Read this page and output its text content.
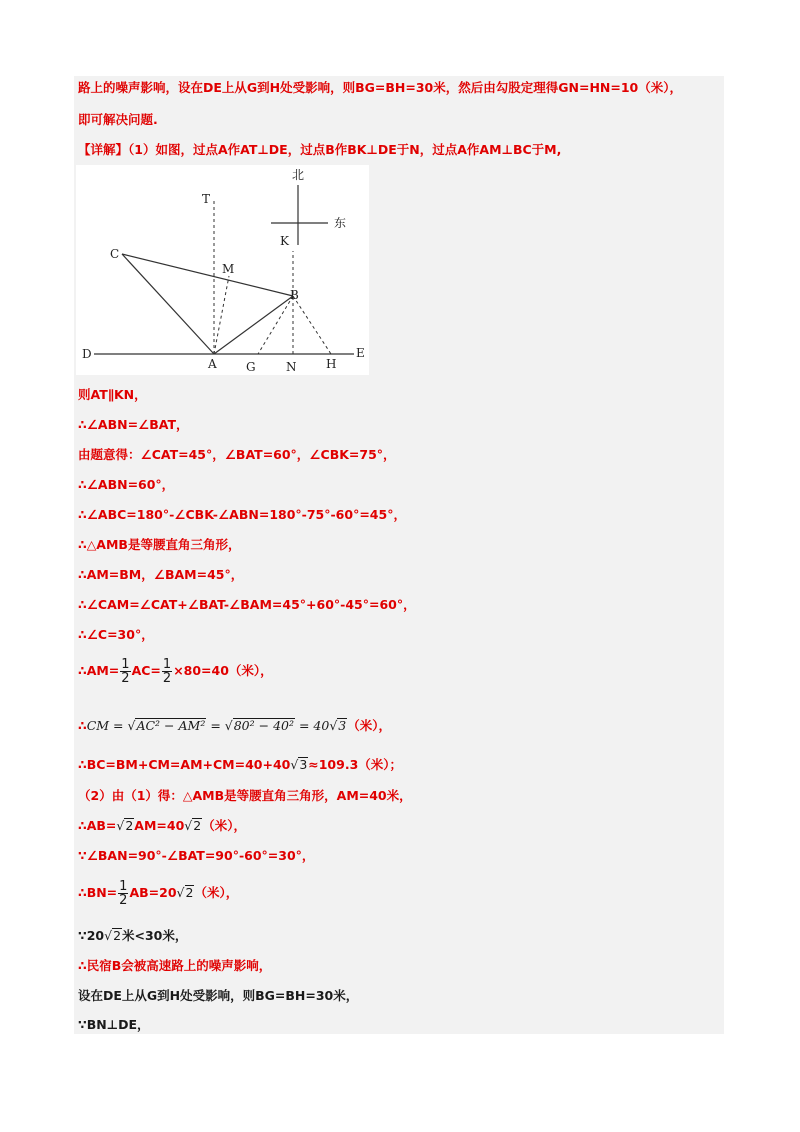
路上的噪声影响，设在DE上从G到H处受影响，则BG=BH=30米，然后由勾股定理得GN=HN=10（米），
即可解决问题.
【详解】（1）如图，过点A作AT⊥DE，过点B作BK⊥DE于N，过点A作AM⊥BC于M,
北
东
T
K
C
M
B
D	E
A G	N H
则AT∥KN，
∴∠ABN=∠BAT，
由题意得：∠CAT=45°，∠BAT=60°，∠CBK=75°，
∴∠ABN=60°，
∴∠ABC=180°-∠CBK-∠ABN=180°-75°-60°=45°，
∴△AMB是等腰直角三角形，
∴AM=BM，∠BAM=45°，
∴∠CAM=∠CAT+∠BAT-∠BAM=45°+60°-45°=60°，
∴∠C=30°，
∴AM= $\frac{1}{2} AC= \frac{1}{2} \times 80=40$（米），
∴CM = √AC² − AM² = √80² − 40² = 40√3（米），
∴BC=BM+CM=AM+CM=40+40√3≈109.3（米）；
（2）由（1）得：△AMB是等腰直角三角形，AM=40米，
∴AB=√2AM=40√2（米），
∵∠BAN=90°-∠BAT=90°-60°=30°，
∴BN= $\frac{1}{2} AB=20√2$（米），
∵20√2米<30米，
∴民宿B会被高速路上的噪声影响，
设在DE上从G到H处受影响，则BG=BH=30米，
∵BN⊥DE，
